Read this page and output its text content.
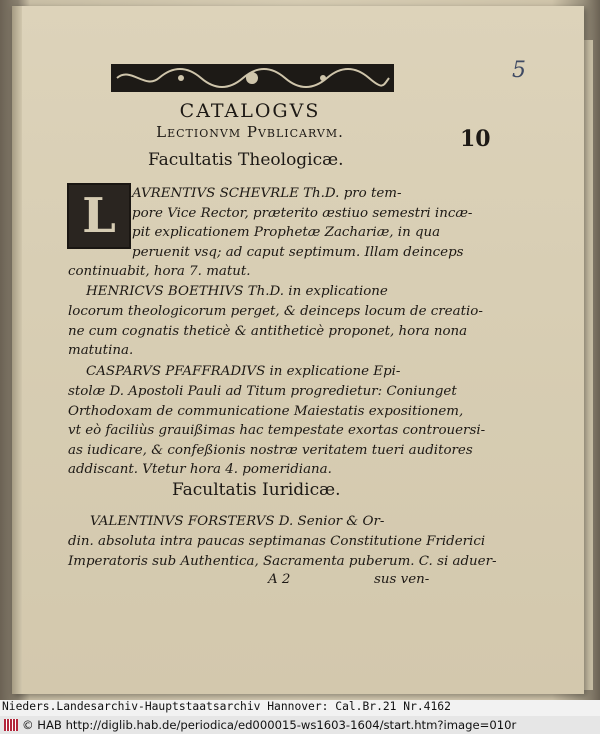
5
CATALOGVS
Lectionvm Pvblicarvm.	10
Facultatis Theologicæ.
L	AVRENTIVS SCHEVRLE Th.D. pro tem-
pore Vice Rector, præterito æstiuo semestri incæ-
pit explicationem Prophetæ Zachariæ, in qua
peruenit vsq; ad caput septimum. Illam deinceps
continuabit, hora 7. matut.
HENRICVS BOETHIVS Th.D. in explicatione
locorum theologicorum perget, & deinceps locum de creatio-
ne cum cognatis theticè & antitheticè proponet, hora nona
matutina.
CASPARVS PFAFFRADIVS in explicatione Epi-
stolæ D. Apostoli Pauli ad Titum progredietur: Coniunget
Orthodoxam de communicatione Maiestatis expositionem,
vt eò faciliùs grauißimas hac tempestate exortas controuersi-
as iudicare, & confeßionis nostræ veritatem tueri auditores
addiscant. Vtetur hora 4. pomeridiana.
Facultatis Iuridicæ.
VALENTINVS FORSTERVS D. Senior & Or-
din. absoluta intra paucas septimanas Constitutione Friderici
Imperatoris sub Authentica, Sacramenta puberum. C. si aduer-
A 2	sus ven-
Nieders.Landesarchiv-Hauptstaatsarchiv Hannover: Cal.Br.21 Nr.4162
© HAB http://diglib.hab.de/periodica/ed000015-ws1603-1604/start.htm?image=010r
